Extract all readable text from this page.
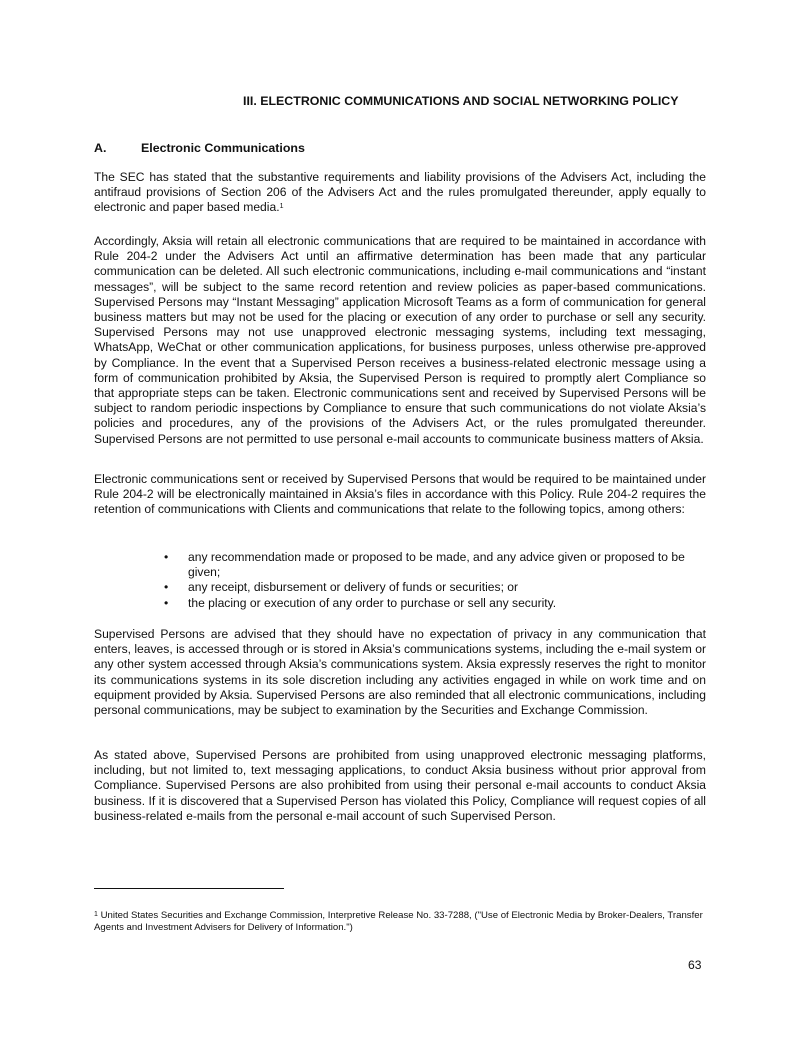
III. ELECTRONIC COMMUNICATIONS AND SOCIAL NETWORKING POLICY
A.	Electronic Communications

The SEC has stated that the substantive requirements and liability provisions of the Advisers Act, including the antifraud provisions of Section 206 of the Advisers Act and the rules promulgated thereunder, apply equally to electronic and paper based media.$^1$

Accordingly, Aksia will retain all electronic communications that are required to be maintained in accordance with Rule 204-2 under the Advisers Act until an affirmative determination has been made that any particular communication can be deleted. All such electronic communications, including e-mail communications and “instant messages”, will be subject to the same record retention and review policies as paper-based communications. Supervised Persons may “Instant Messaging” application Microsoft Teams as a form of communication for general business matters but may not be used for the placing or execution of any order to purchase or sell any security. Supervised Persons may not use unapproved electronic messaging systems, including text messaging, WhatsApp, WeChat or other communication applications, for business purposes, unless otherwise pre-approved by Compliance. In the event that a Supervised Person receives a business-related electronic message using a form of communication prohibited by Aksia, the Supervised Person is required to promptly alert Compliance so that appropriate steps can be taken. Electronic communications sent and received by Supervised Persons will be subject to random periodic inspections by Compliance to ensure that such communications do not violate Aksia’s policies and procedures, any of the provisions of the Advisers Act, or the rules promulgated thereunder. Supervised Persons are not permitted to use personal e-mail accounts to communicate business matters of Aksia.

Electronic communications sent or received by Supervised Persons that would be required to be maintained under Rule 204-2 will be electronically maintained in Aksia’s files in accordance with this Policy. Rule 204-2 requires the retention of communications with Clients and communications that relate to the following topics, among others:

• any recommendation made or proposed to be made, and any advice given or proposed to be given;
• any receipt, disbursement or delivery of funds or securities; or
• the placing or execution of any order to purchase or sell any security.

Supervised Persons are advised that they should have no expectation of privacy in any communication that enters, leaves, is accessed through or is stored in Aksia’s communications systems, including the e-mail system or any other system accessed through Aksia’s communications system. Aksia expressly reserves the right to monitor its communications systems in its sole discretion including any activities engaged in while on work time and on equipment provided by Aksia. Supervised Persons are also reminded that all electronic communications, including personal communications, may be subject to examination by the Securities and Exchange Commission.

As stated above, Supervised Persons are prohibited from using unapproved electronic messaging platforms, including, but not limited to, text messaging applications, to conduct Aksia business without prior approval from Compliance. Supervised Persons are also prohibited from using their personal e-mail accounts to conduct Aksia business. If it is discovered that a Supervised Person has violated this Policy, Compliance will request copies of all business-related e-mails from the personal e-mail account of such Supervised Person.

$^1$ United States Securities and Exchange Commission, Interpretive Release No. 33-7288, ("Use of Electronic Media by Broker-Dealers, Transfer Agents and Investment Advisers for Delivery of Information.")

63
